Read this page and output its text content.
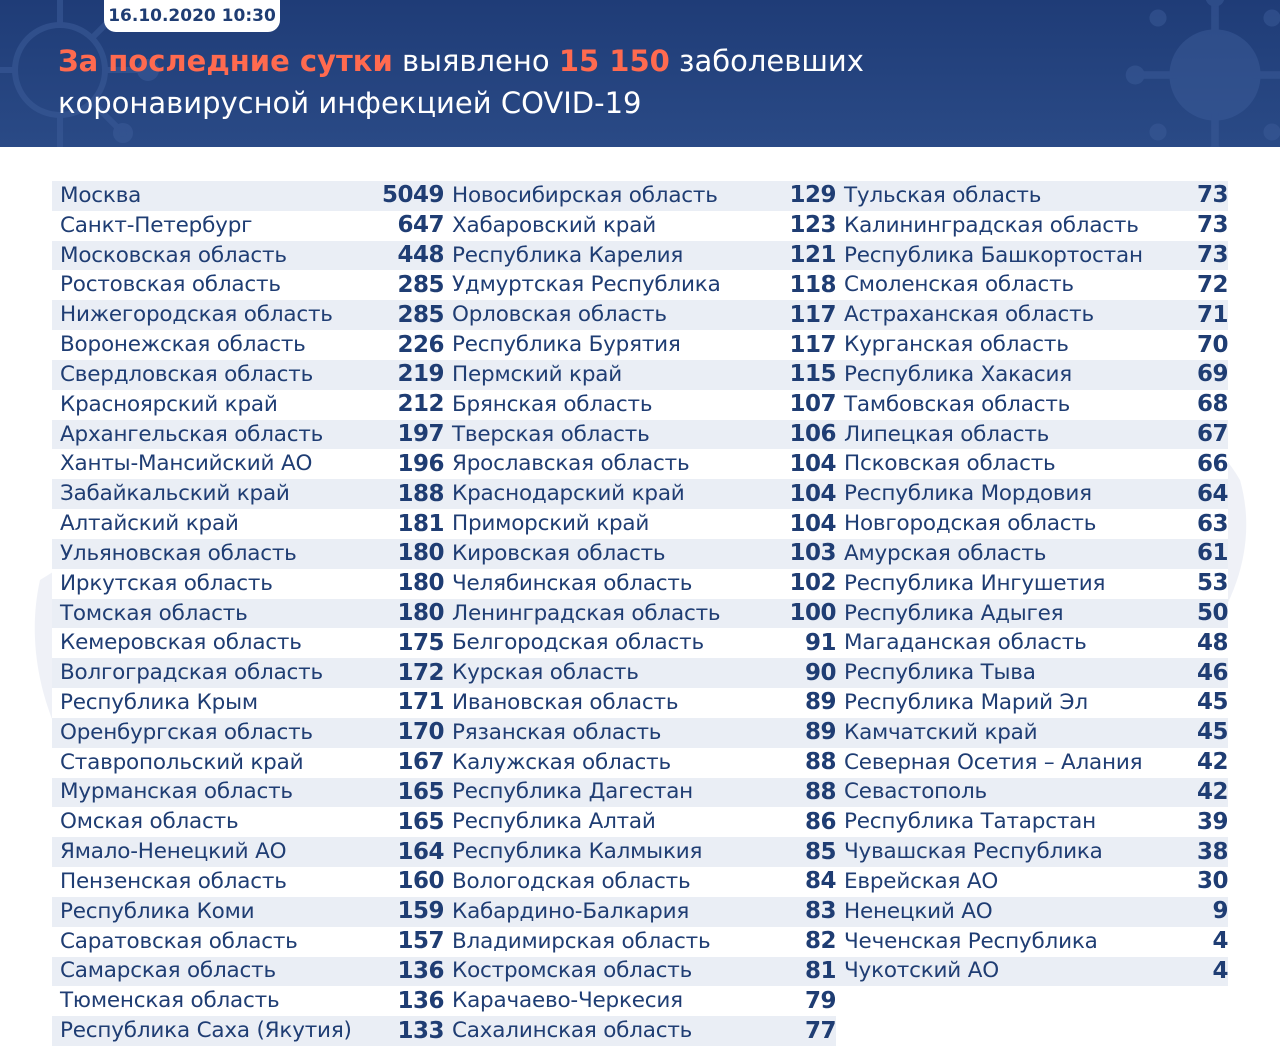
16.10.2020 10:30
За последние сутки выявлено 15 150 заболевших
коронавирусной инфекцией COVID-19
Москва	5049
Санкт-Петербург	647
Московская область	448
Ростовская область	285
Нижегородская область	285
Воронежская область	226
Свердловская область	219
Красноярский край	212
Архангельская область	197
Ханты-Мансийский АО	196
Забайкальский край	188
Алтайский край	181
Ульяновская область	180
Иркутская область	180
Томская область	180
Кемеровская область	175
Волгоградская область	172
Республика Крым	171
Оренбургская область	170
Ставропольский край	167
Мурманская область	165
Омская область	165
Ямало-Ненецкий АО	164
Пензенская область	160
Республика Коми	159
Саратовская область	157
Самарская область	136
Тюменская область	136
Республика Саха (Якутия)	133
Новосибирская область	129
Хабаровский край	123
Республика Карелия	121
Удмуртская Республика	118
Орловская область	117
Республика Бурятия	117
Пермский край	115
Брянская область	107
Тверская область	106
Ярославская область	104
Краснодарский край	104
Приморский край	104
Кировская область	103
Челябинская область	102
Ленинградская область	100
Белгородская область	91
Курская область	90
Ивановская область	89
Рязанская область	89
Калужская область	88
Республика Дагестан	88
Республика Алтай	86
Республика Калмыкия	85
Вологодская область	84
Кабардино-Балкария	83
Владимирская область	82
Костромская область	81
Карачаево-Черкесия	79
Сахалинская область	77
Тульская область	73
Калининградская область	73
Республика Башкортостан	73
Смоленская область	72
Астраханская область	71
Курганская область	70
Республика Хакасия	69
Тамбовская область	68
Липецкая область	67
Псковская область	66
Республика Мордовия	64
Новгородская область	63
Амурская область	61
Республика Ингушетия	53
Республика Адыгея	50
Магаданская область	48
Республика Тыва	46
Республика Марий Эл	45
Камчатский край	45
Северная Осетия – Алания	42
Севастополь	42
Республика Татарстан	39
Чувашская Республика	38
Еврейская АО	30
Ненецкий АО	9
Чеченская Республика	4
Чукотский АО	4
